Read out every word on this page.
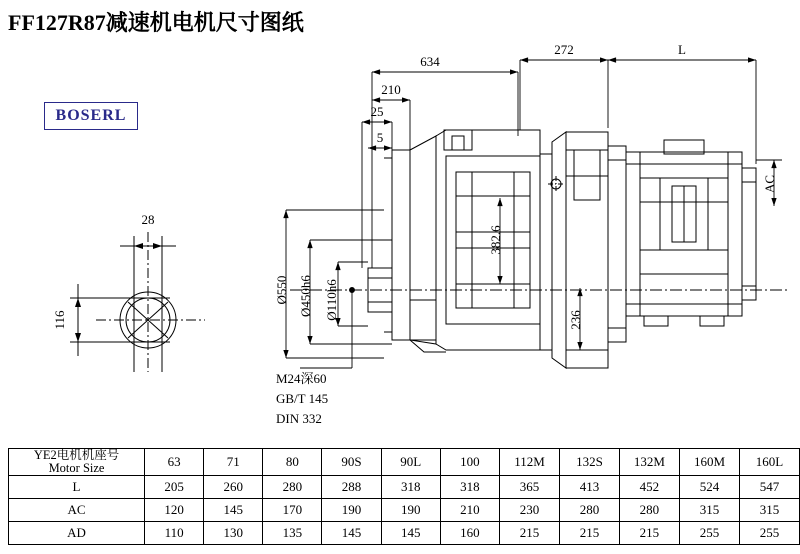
FF127R87减速机电机尺寸图纸
BOSERL
634
272	L
210
25
5
Ø550 Ø450h6 Ø110h6
382.6
236
AC
28
116
M24深60
GB/T 145
DIN 332
YE2电机机座号
Motor Size	63	71	80	90S	90L	100	112M	132S	132M	160M	160L
L	205	260	280	288	318	318	365	413	452	524	547
AC	120	145	170	190	190	210	230	280	280	315	315
AD	110	130	135	145	145	160	215	215	215	255	255
